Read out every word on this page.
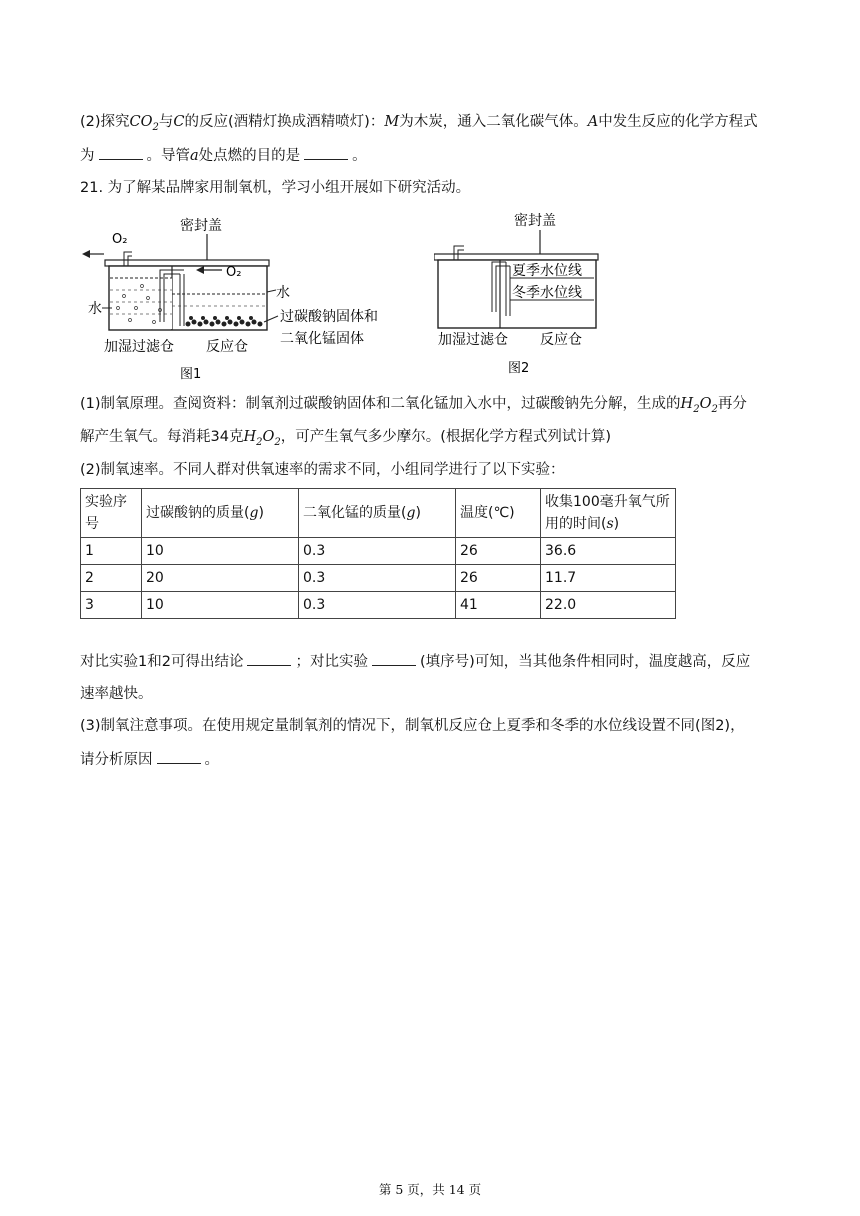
(2)探究$CO_2$与C的反应(酒精灯换成酒精喷灯)：M为木炭，通入二氧化碳气体。A中发生反应的化学方程式
为	。导管a处点燃的目的是	。
21. 为了解某品牌家用制氧机，学习小组开展如下研究活动。
密封盖
O₂
O₂
水
水	过碳酸钠固体和
二氧化锰固体
加湿过滤仓 反应仓
图1
密封盖
夏季水位线
冬季水位线
加湿过滤仓 反应仓
图2
(1)制氧原理。查阅资料：制氧剂过碳酸钠固体和二氧化锰加入水中，过碳酸钠先分解，生成的$H_2O_2$再分
解产生氧气。每消耗34克$H_2O_2$，可产生氧气多少摩尔。(根据化学方程式列试计算)
(2)制氧速率。不同人群对供氧速率的需求不同，小组同学进行了以下实验：
实验序
号	过碳酸钠的质量(g)	二氧化锰的质量(g)	温度(℃)	收集100毫升氧气所
用的时间(s)
1	10	0.3	26	36.6
2	20	0.3	26	11.7
3	10	0.3	41	22.0
对比实验1和2可得出结论	；对比实验	(填序号)可知，当其他条件相同时，温度越高，反应
速率越快。
(3)制氧注意事项。在使用规定量制氧剂的情况下，制氧机反应仓上夏季和冬季的水位线设置不同(图2)，
请分析原因	。
第 5 页，共 14 页
